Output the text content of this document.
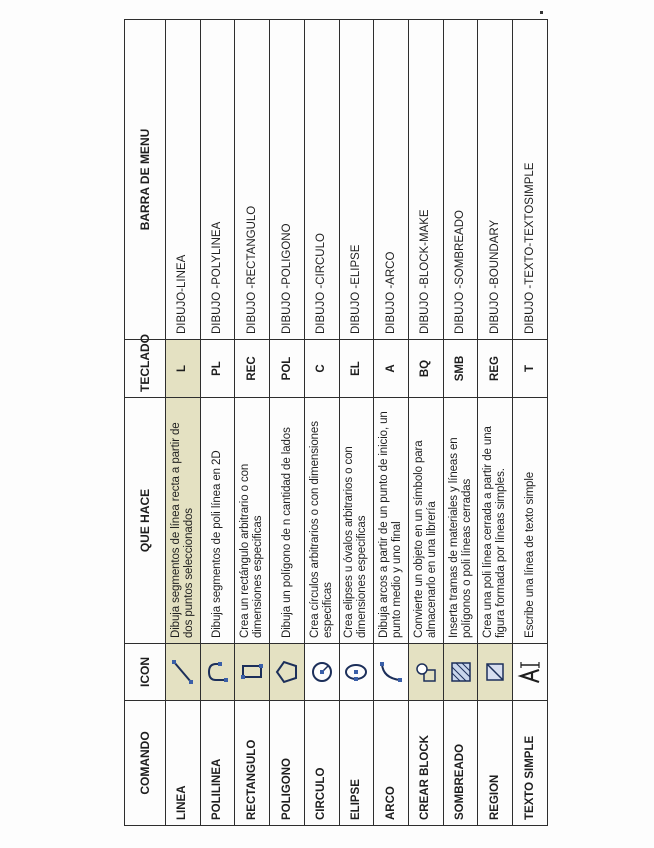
COMANDO	ICON	QUE HACE	TECLADO	BARRA DE MENU
LINEA		Dibuja segmentos de línea recta a partir de dos puntos seleccionados	L	DIBUJO-LINEA
POLILINEA		Dibuja segmentos de poli línea en 2D	PL	DIBUJO -POLYLINEA
RECTANGULO		Crea un rectángulo arbitrario o con dimensiones especificas	REC	DIBUJO -RECTANGULO
POLIGONO		Dibuja un polígono de n cantidad de lados	POL	DIBUJO -POLIGONO
CIRCULO		Crea círculos arbitrarios o con dimensiones especificas	C	DIBUJO -CIRCULO
ELIPSE		Crea elipses u óvalos arbitrarios o con dimensiones especificas	EL	DIBUJO -ELIPSE
ARCO		Dibuja arcos a partir de un punto de inicio, un punto medio y uno final	A	DIBUJO -ARCO
CREAR BLOCK		Convierte un objeto en un símbolo para almacenarlo en una librería	BQ	DIBUJO -BLOCK-MAKE
SOMBREADO		Inserta tramas de materiales y líneas en polígonos o poli líneas cerradas	SMB	DIBUJO -SOMBREADO
REGION		Crea una poli línea cerrada a partir de una figura formada por líneas simples.	REG	DIBUJO -BOUNDARY
TEXTO SIMPLE		Escribe una línea de texto simple	T	DIBUJO -TEXTO-TEXTOSIMPLE
